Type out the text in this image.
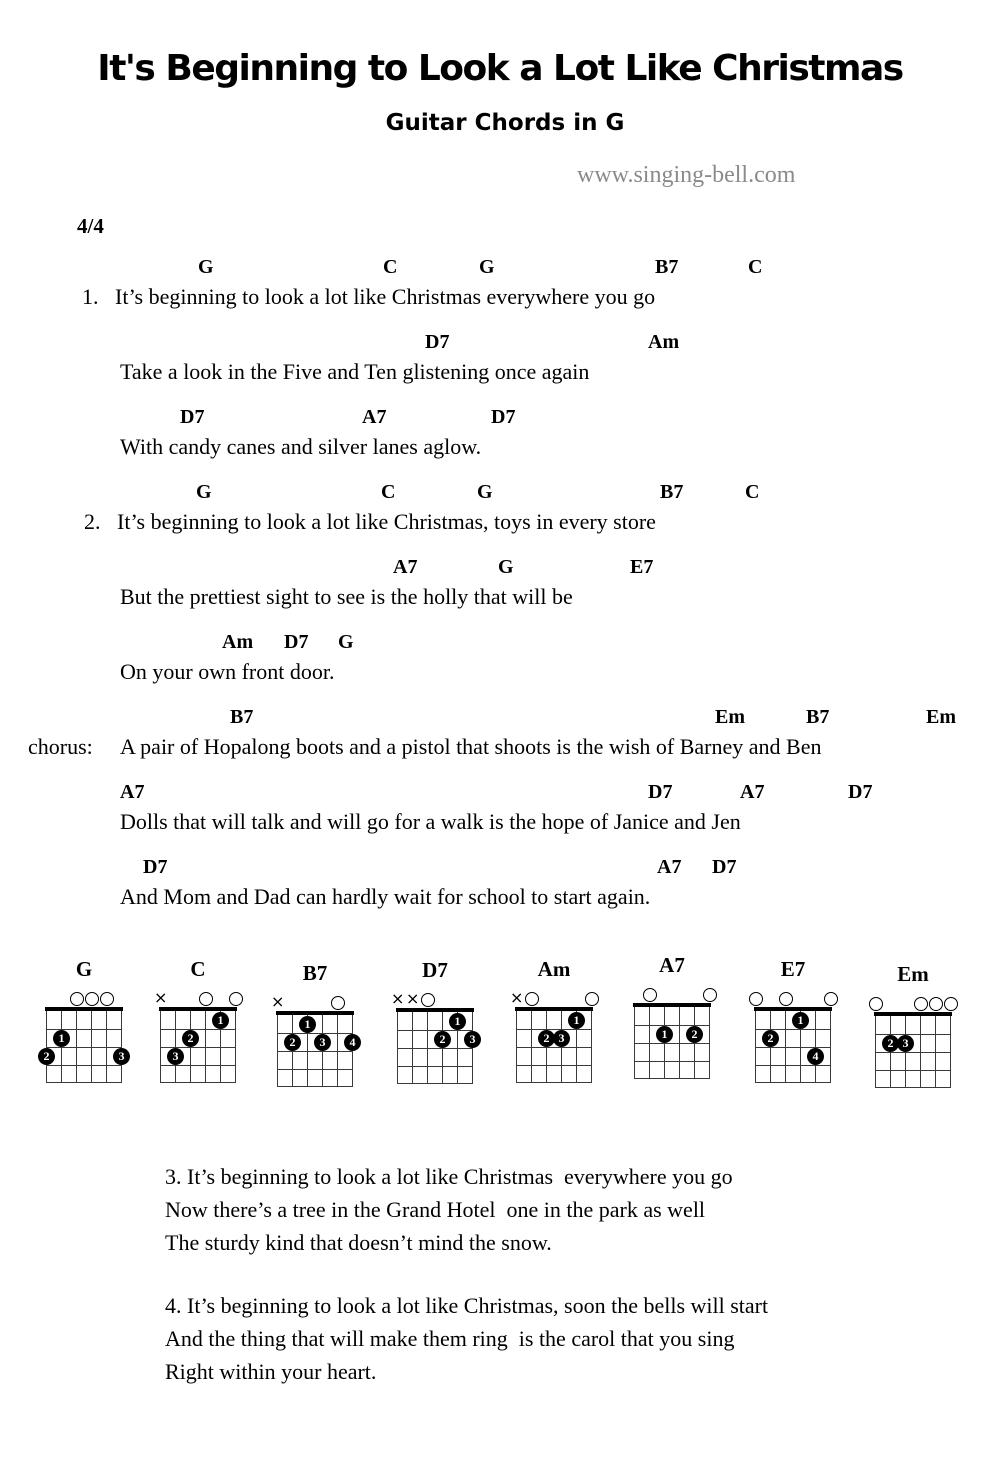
It's Beginning to Look a Lot Like Christmas
Guitar Chords in G
www.singing-bell.com
4/4
G	C	G	B7	C
1.   It’s beginning to look a lot like Christmas everywhere you go
D7	Am
Take a look in the Five and Ten glistening once again
D7	A7	D7
With candy canes and silver lanes aglow.
G	C	G	B7	C
2.   It’s beginning to look a lot like Christmas, toys in every store
A7	G	E7
But the prettiest sight to see is the holly that will be
Am D7 G
On your own front door.
chorus:
B7	Em	B7	Em
A pair of Hopalong boots and a pistol that shoots is the wish of Barney and Ben
A7	D7	A7	D7
Dolls that will talk and will go for a walk is the hope of Janice and Jen
D7	A7 D7
And Mom and Dad can hardly wait for school to start again.
G
1
2	3
C
×
1
2
3
B7
×
1
2	3	4
D7
× ×
1
2	3
Am
×
1
2 3
A7
1	2
E7
1
2
4
Em
2 3

3. It’s beginning to look a lot like Christmas  everywhere you go
Now there’s a tree in the Grand Hotel  one in the park as well
The sturdy kind that doesn’t mind the snow.

4. It’s beginning to look a lot like Christmas, soon the bells will start
And the thing that will make them ring  is the carol that you sing
Right within your heart.
